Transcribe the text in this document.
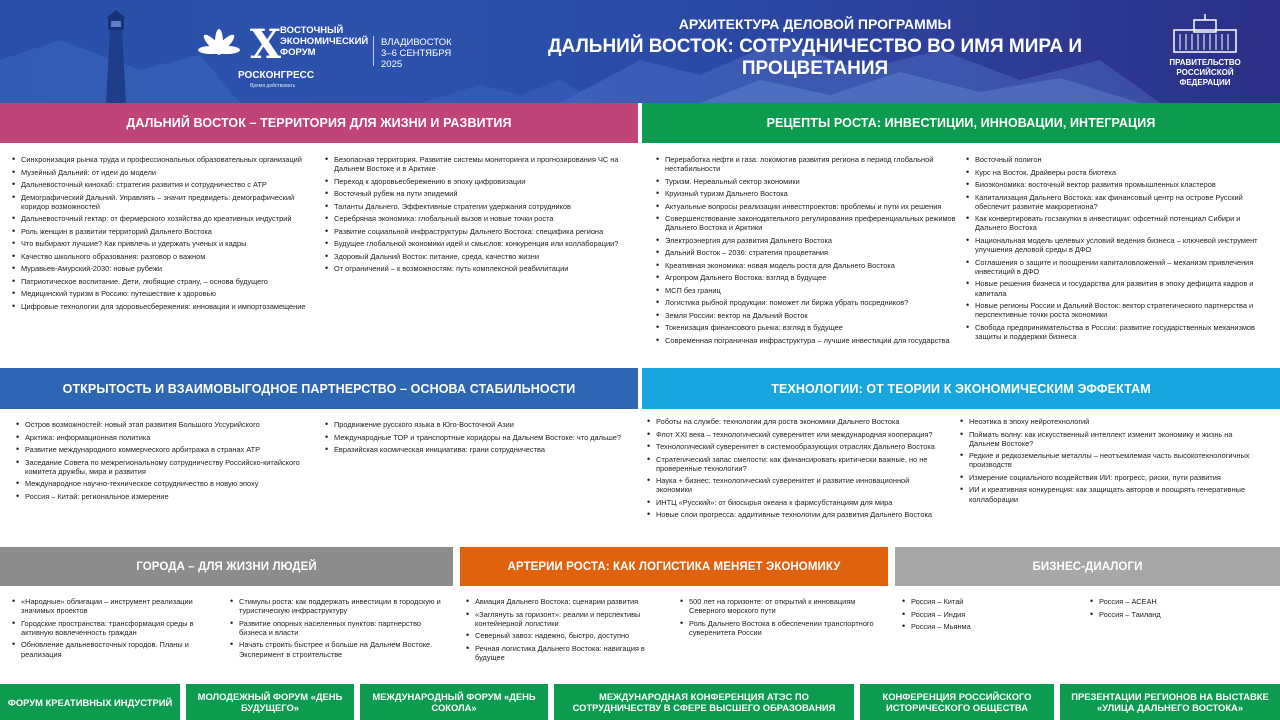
X
ВОСТОЧНЫЙ ЭКОНОМИЧЕСКИЙ ФОРУМ
ВЛАДИВОСТОК
3–6 СЕНТЯБРЯ
2025
РОСКОНГРЕСС
Время действовать
АРХИТЕКТУРА ДЕЛОВОЙ ПРОГРАММЫ
ДАЛЬНИЙ ВОСТОК: СОТРУДНИЧЕСТВО ВО ИМЯ МИРА И ПРОЦВЕТАНИЯ	ПРАВИТЕЛЬСТВО РОССИЙСКОЙ ФЕДЕРАЦИИ
ДАЛЬНИЙ ВОСТОК – ТЕРРИТОРИЯ ДЛЯ ЖИЗНИ И РАЗВИТИЯ	РЕЦЕПТЫ РОСТА: ИНВЕСТИЦИИ, ИННОВАЦИИ, ИНТЕГРАЦИЯ
• Синхронизация рынка труда и профессиональных образовательных организаций
• Музейный Дальний: от идеи до модели
• Дальневосточный кинохаб: стратегия развития и сотрудничество с АТР
• Демографический Дальний. Управлять – значит предвидеть: демографический коридор возможностей
• Дальневосточный гектар: от фермерского хозяйства до креативных индустрий
• Роль женщин в развитии территорий Дальнего Востока
• Что выбирают лучшие? Как привлечь и удержать ученых и кадры
• Качество школьного образования: разговор о важном
• Муравьев-Амурский-2030: новые рубежи
• Патриотическое воспитание. Дети, любящие страну, – основа будущего
• Медицинский туризм в Россию: путешествие к здоровью
• Цифровые технологии для здоровьесбережения: инновации и импортозамещение
• Безопасная территория. Развитие системы мониторинга и прогнозирования ЧС на Дальнем Востоке и в Арктике
• Переход к здоровьесбережению в эпоху цифровизации
• Восточный рубеж на пути эпидемий
• Таланты Дальнего. Эффективные стратегии удержания сотрудников
• Серебряная экономика: глобальный вызов и новые точки роста
• Развитие социальной инфраструктуры Дальнего Востока: специфика региона
• Будущее глобальной экономики идей и смыслов: конкуренция или коллаборации?
• Здоровый Дальний Восток: питание, среда, качество жизни
• От ограничений – к возможностям: путь комплексной реабилитации
• Переработка нефти и газа: локомотив развития региона в период глобальной нестабильности
• Туризм. Нереальный сектор экономики
• Круизный туризм Дальнего Востока
• Актуальные вопросы реализации инвестпроектов: проблемы и пути их решения
• Совершенствование законодательного регулирования преференциальных режимов Дальнего Востока и Арктики
• Электроэнергия для развития Дальнего Востока
• Дальний Восток – 2036: стратегия процветания
• Креативная экономика: новая модель роста для Дальнего Востока
• Агропром Дальнего Востока: взгляд в будущее
• МСП без границ
• Логистика рыбной продукции: поможет ли биржа убрать посредников?
• Земля России: вектор на Дальний Восток
• Токенизация финансового рынка: взгляд в будущее
• Современная пограничная инфраструктура – лучшие инвестиции для государства
• Восточный полигон
• Курс на Восток. Драйверы роста биотеха
• Биоэкономика: восточный вектор развития промышленных кластеров
• Капитализация Дальнего Востока: как финансовый центр на острове Русский обеспечит развитие макрорегиона?
• Как конвертировать госзакупки в инвестиции: офсетный потенциал Сибири и Дальнего Востока
• Национальная модель целевых условий ведения бизнеса – ключевой инструмент улучшения деловой среды в ДФО
• Соглашения о защите и поощрении капиталовложений – механизм привлечения инвестиций в ДФО
• Новые решения бизнеса и государства для развития в эпоху дефицита кадров и капитала
• Новые регионы России и Дальний Восток: вектор стратегического партнерства и перспективные точки роста экономики
• Свобода предпринимательства в России: развитие государственных механизмов защиты и поддержки бизнеса
ОТКРЫТОСТЬ И ВЗАИМОВЫГОДНОЕ ПАРТНЕРСТВО – ОСНОВА СТАБИЛЬНОСТИ	ТЕХНОЛОГИИ: ОТ ТЕОРИИ К ЭКОНОМИЧЕСКИМ ЭФФЕКТАМ
• Остров возможностей: новый этап развития Большого Уссурийского
• Арктика: информационная политика
• Развитие международного коммерческого арбитража в странах АТР
• Заседание Совета по межрегиональному сотрудничеству Российско-китайского комитета дружбы, мира и развития
• Международное научно-техническое сотрудничество в новую эпоху
• Россия – Китай: региональное измерение
• Продвижение русского языка в Юго-Восточной Азии
• Международные ТОР и транспортные коридоры на Дальнем Востоке: что дальше?
• Евразийская космическая инициатива: грани сотрудничества
• Роботы на службе: технологии для роста экономики Дальнего Востока
• Флот XXI века – технологический суверенитет или международная кооперация?
• Технологический суверенитет в системообразующих отраслях Дальнего Востока
• Стратегический запас смелости: как финансировать критически важные, но не проверенные технологии?
• Наука + бизнес: технологический суверенитет и развитие инновационной экономики
• ИНТЦ «Русский»: от биосырья океана к фармсубстанциям для мира
• Новые слои прогресса: аддитивные технологии для развития Дальнего Востока
• Неоэтика в эпоху нейротехнологий
• Поймать волну: как искусственный интеллект изменит экономику и жизнь на Дальнем Востоке?
• Редкие и редкоземельные металлы – неотъемлемая часть высокотехнологичных производств
• Измерение социального воздействия ИИ: прогресс, риски, пути развития
• ИИ и креативная конкуренция: как защищать авторов и поощрять генеративные коллаборации
ГОРОДА – ДЛЯ ЖИЗНИ ЛЮДЕЙ	АРТЕРИИ РОСТА: КАК ЛОГИСТИКА МЕНЯЕТ ЭКОНОМИКУ	БИЗНЕС-ДИАЛОГИ
• «Народные» облигации – инструмент реализации значимых проектов
• Городские пространства: трансформация среды в активную вовлеченность граждан
• Обновление дальневосточных городов. Планы и реализация
• Стимулы роста: как поддержать инвестиции в городскую и туристическую инфраструктуру
• Развитие опорных населенных пунктов: партнерство бизнеса и власти
• Начать строить быстрее и больше на Дальнем Востоке. Эксперимент в строительстве
• Авиация Дальнего Востока: сценарии развития
• «Заглянуть за горизонт»: реалии и перспективы контейнерной логистики
• Северный завоз: надежно, быстро, доступно
• Речная логистика Дальнего Востока: навигация в будущее
• 500 лет на горизонте: от открытий к инновациям Северного морского пути
• Роль Дальнего Востока в обеспечении транспортного суверенитета России
• Россия – Китай
• Россия – Индия
• Россия – Мьянма
• Россия – АСЕАН
• Россия – Таиланд
ФОРУМ КРЕАТИВНЫХ ИНДУСТРИЙ	МОЛОДЕЖНЫЙ ФОРУМ «ДЕНЬ БУДУЩЕГО»
МЕЖДУНАРОДНЫЙ ФОРУМ «ДЕНЬ СОКОЛА»
МЕЖДУНАРОДНАЯ КОНФЕРЕНЦИЯ АТЭС ПО СОТРУДНИЧЕСТВУ В СФЕРЕ ВЫСШЕГО ОБРАЗОВАНИЯ
КОНФЕРЕНЦИЯ РОССИЙСКОГО ИСТОРИЧЕСКОГО ОБЩЕСТВА
ПРЕЗЕНТАЦИИ РЕГИОНОВ НА ВЫСТАВКЕ «УЛИЦА ДАЛЬНЕГО ВОСТОКА»
